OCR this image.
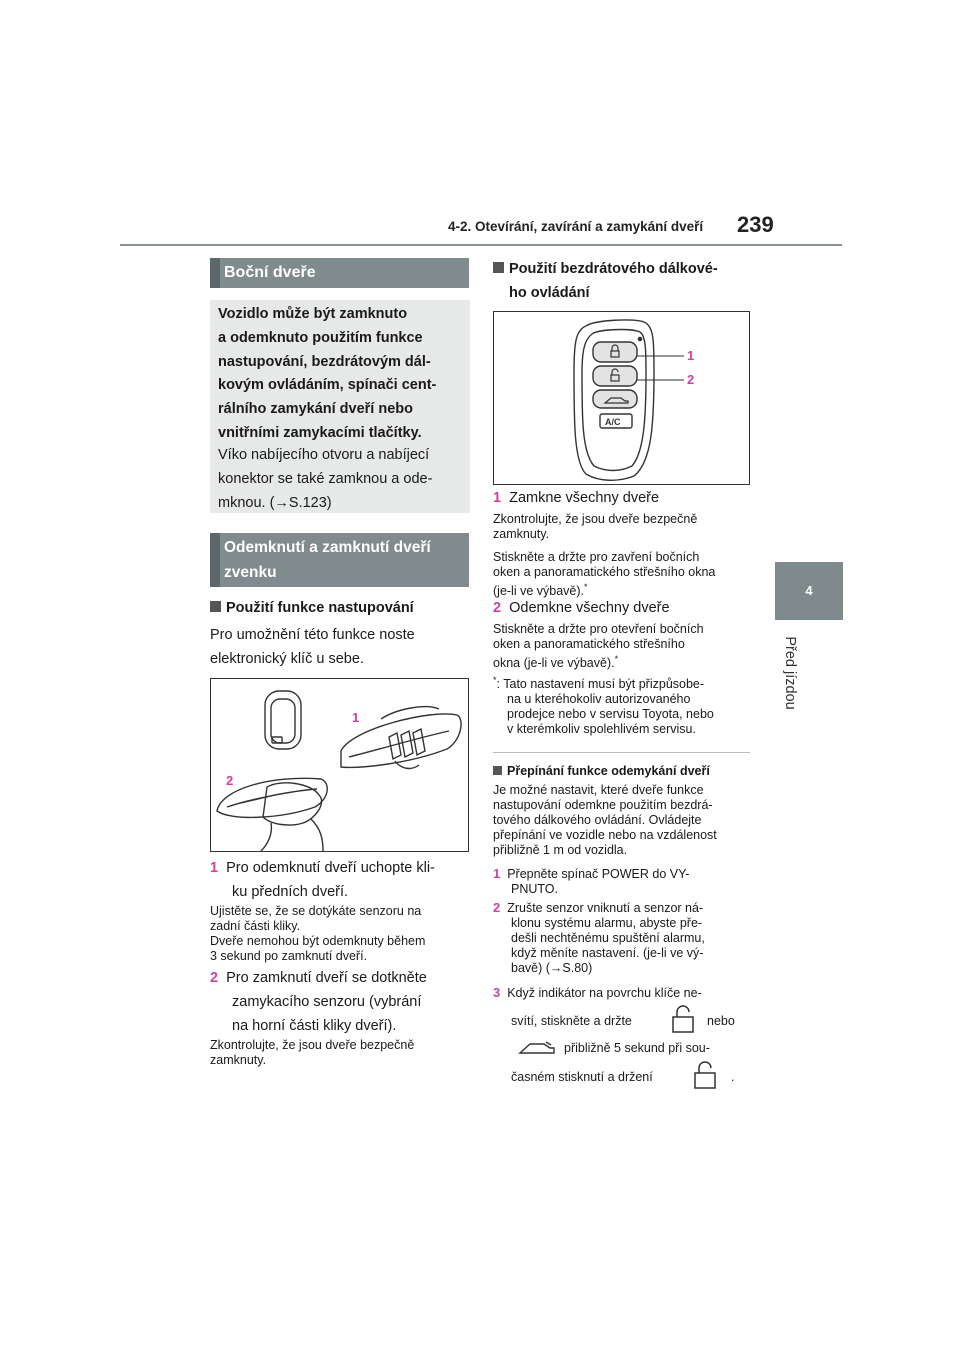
4-2. Otevírání, zavírání a zamykání dveří 239
4
Před jízdou
Boční dveře
Vozidlo může být zamknuto
a odemknuto použitím funkce
nastupování, bezdrátovým dál-
kovým ovládáním, spínači cent-
rálního zamykání dveří nebo
vnitřními zamykacími tlačítky.
Víko nabíjecího otvoru a nabíjecí
konektor se také zamknou a ode-
mknou. (→S.123)
Odemknutí a zamknutí dveří
zvenku
Použití funkce nastupování
Pro umožnění této funkce noste
elektronický klíč u sebe.
1
2
1 Pro odemknutí dveří uchopte kli-
ku předních dveří.
Ujistěte se, že se dotýkáte senzoru na
zadní části kliky.
Dveře nemohou být odemknuty během
3 sekund po zamknutí dveří.
2 Pro zamknutí dveří se dotkněte
zamykacího senzoru (vybrání
na horní části kliky dveří).
Zkontrolujte, že jsou dveře bezpečně
zamknuty.
Použití bezdrátového dálkové-
ho ovládání
A/C
1
2
1 Zamkne všechny dveře
Zkontrolujte, že jsou dveře bezpečně
zamknuty.
Stiskněte a držte pro zavření bočních
oken a panoramatického střešního okna
(je-li ve výbavě).*
2 Odemkne všechny dveře
Stiskněte a držte pro otevření bočních
oken a panoramatického střešního
okna (je-li ve výbavě).*
*: Tato nastavení musí být přizpůsobe-
na u kteréhokoliv autorizovaného
prodejce nebo v servisu Toyota, nebo
v kterémkoliv spolehlivém servisu.
Přepínání funkce odemykání dveří
Je možné nastavit, které dveře funkce
nastupování odemkne použitím bezdrá-
tového dálkového ovládání. Ovládejte
přepínání ve vozidle nebo na vzdálenost
přibližně 1 m od vozidla.
1 Přepněte spínač POWER do VY-
PNUTO.
2 Zrušte senzor vniknutí a senzor ná-
klonu systému alarmu, abyste pře-
dešli nechtěnému spuštění alarmu,
když měníte nastavení. (je-li ve vý-
bavě) (→S.80)
3 Když indikátor na povrchu klíče ne-
svítí, stiskněte a držte	nebo
přibližně 5 sekund při sou-
časném stisknutí a držení	.
